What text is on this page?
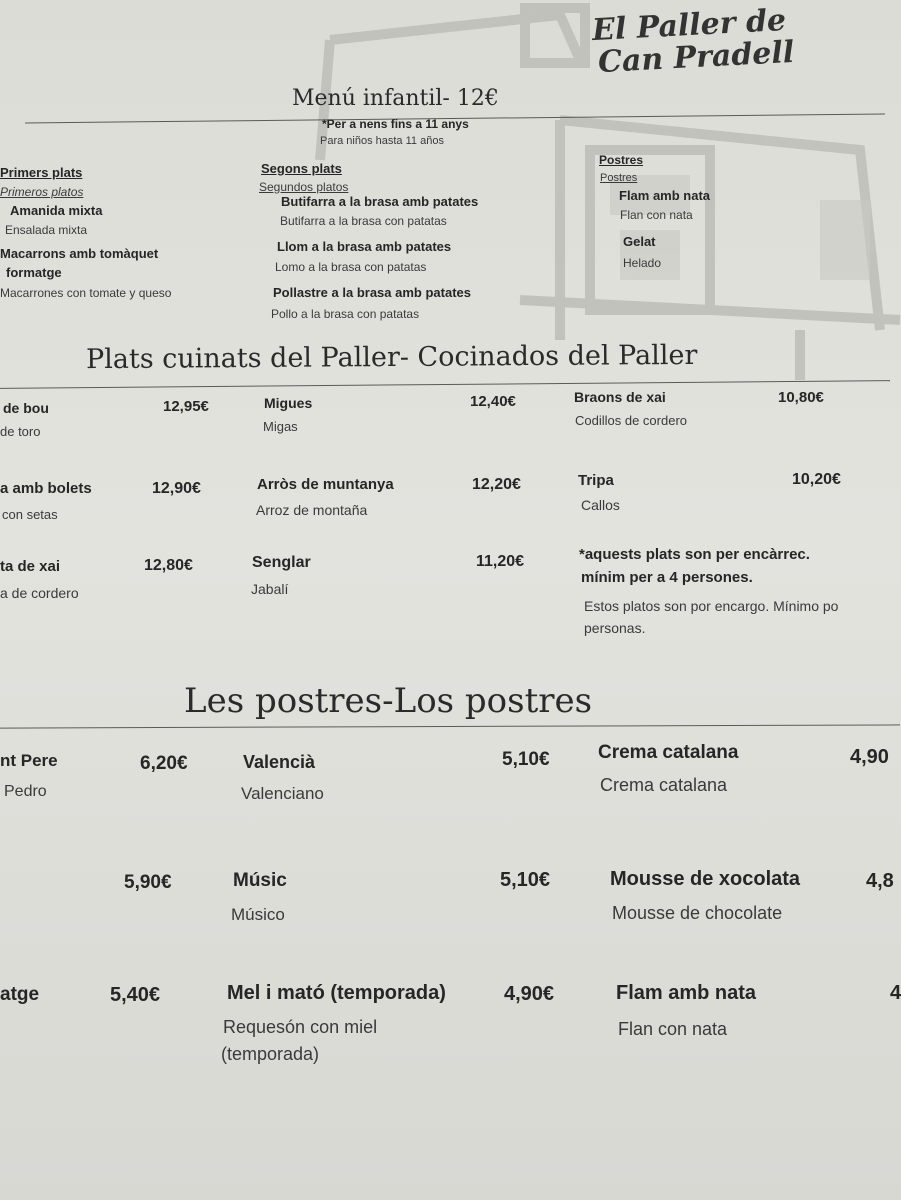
El Paller de
Can Pradell
Menú infantil- 12€
*Per a nens fins a 11 anys
Para niños hasta 11 años
Primers plats
Primeros platos
Amanida mixta
Ensalada mixta
Macarrons amb tomàquet
formatge
Macarrones con tomate y queso
Segons plats
Segundos platos
Butifarra a la brasa amb patates
Butifarra a la brasa con patatas
Llom a la brasa amb patates
Lomo a la brasa con patatas
Pollastre a la brasa amb patates
Pollo a la brasa con patatas
Postres
Postres
Flam amb nata
Flan con nata
Gelat
Helado
Plats cuinats del Paller- Cocinados del Paller
de bou
de toro
12,95€
a amb bolets
con setas
12,90€
ta de xai
a de cordero
12,80€
Migues
Migas
12,40€
Arròs de muntanya
Arroz de montaña
12,20€
Senglar
Jabalí
11,20€
Braons de xai
Codillos de cordero
10,80€
Tripa
Callos
10,20€
*aquests plats son per encàrrec.
mínim per a 4 persones.
Estos platos son por encargo. Mínimo po
personas.
Les postres-Los postres
nt Pere
Pedro
6,20€
5,90€
atge	5,40€
Valencià
Valenciano
5,10€
Músic
Músico
5,10€
Mel i mató (temporada)
Requesón con miel
(temporada)
4,90€
Crema catalana
Crema catalana
4,90
Mousse de xocolata
Mousse de chocolate
4,8
Flam amb nata
Flan con nata
4
